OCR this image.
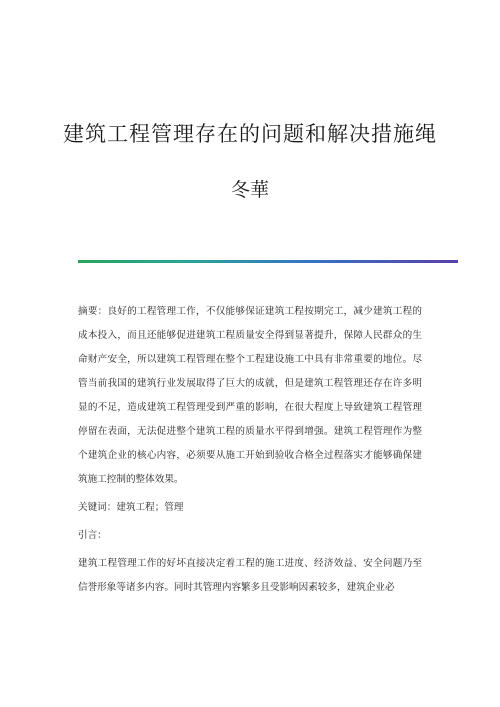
建筑工程管理存在的问题和解决措施绳
冬華

摘要：良好的工程管理工作，不仅能够保证建筑工程按期完工，减少建筑工程的成本投入，而且还能够促进建筑工程质量安全得到显著提升，保障人民群众的生命财产安全，所以建筑工程管理在整个工程建设施工中具有非常重要的地位。尽管当前我国的建筑行业发展取得了巨大的成就，但是建筑工程管理还存在许多明显的不足，造成建筑工程管理受到严重的影响，在很大程度上导致建筑工程管理停留在表面，无法促进整个建筑工程的质量水平得到增强。建筑工程管理作为整个建筑企业的核心内容，必须要从施工开始到验收合格全过程落实才能够确保建筑施工控制的整体效果。

关键词：建筑工程；管理

引言：

建筑工程管理工作的好坏直接决定着工程的施工进度、经济效益、安全问题乃至信誉形象等诸多内容。同时其管理内容繁多且受影响因素较多，建筑企业必
